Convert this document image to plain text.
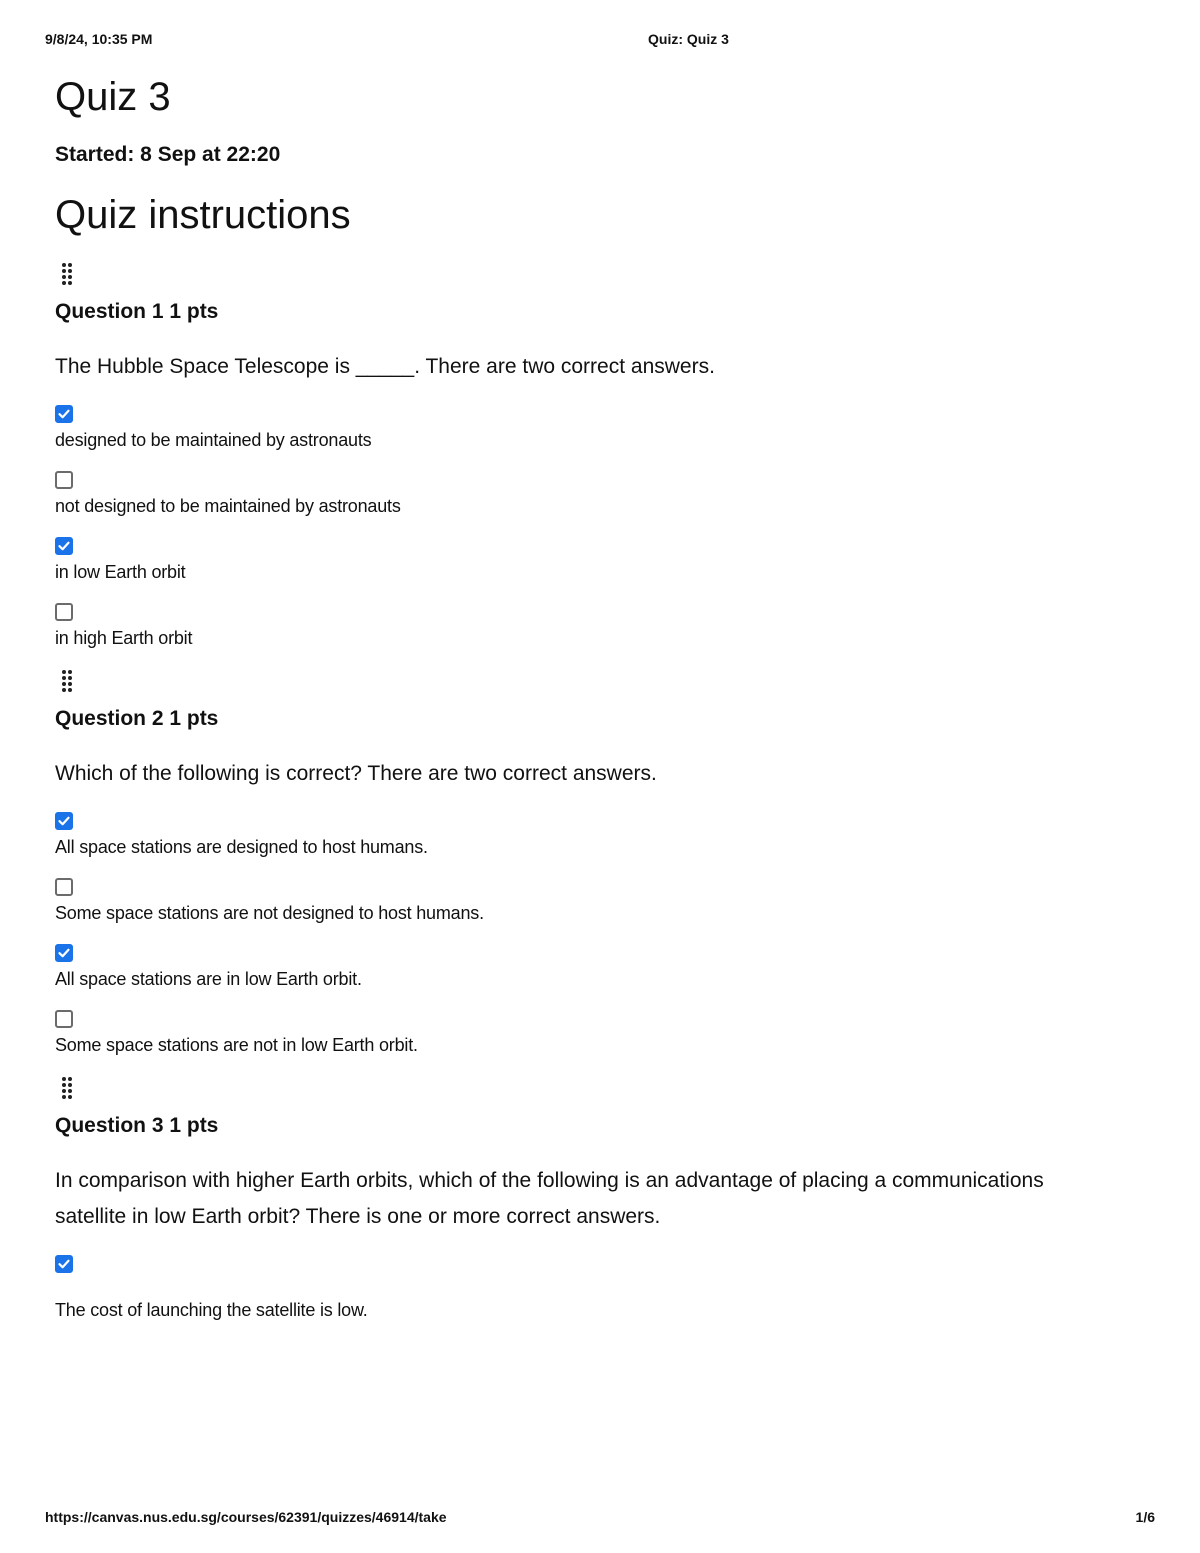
9/8/24, 10:35 PM	Quiz: Quiz 3
Quiz 3
Started: 8 Sep at 22:20
Quiz instructions
Question 1 1 pts
The Hubble Space Telescope is _____. There are two correct answers.
designed to be maintained by astronauts
not designed to be maintained by astronauts
in low Earth orbit
in high Earth orbit
Question 2 1 pts
Which of the following is correct? There are two correct answers.
All space stations are designed to host humans.
Some space stations are not designed to host humans.
All space stations are in low Earth orbit.
Some space stations are not in low Earth orbit.
Question 3 1 pts
In comparison with higher Earth orbits, which of the following is an advantage of placing a communications satellite in low Earth orbit? There is one or more correct answers.
The cost of launching the satellite is low.
https://canvas.nus.edu.sg/courses/62391/quizzes/46914/take	1/6
